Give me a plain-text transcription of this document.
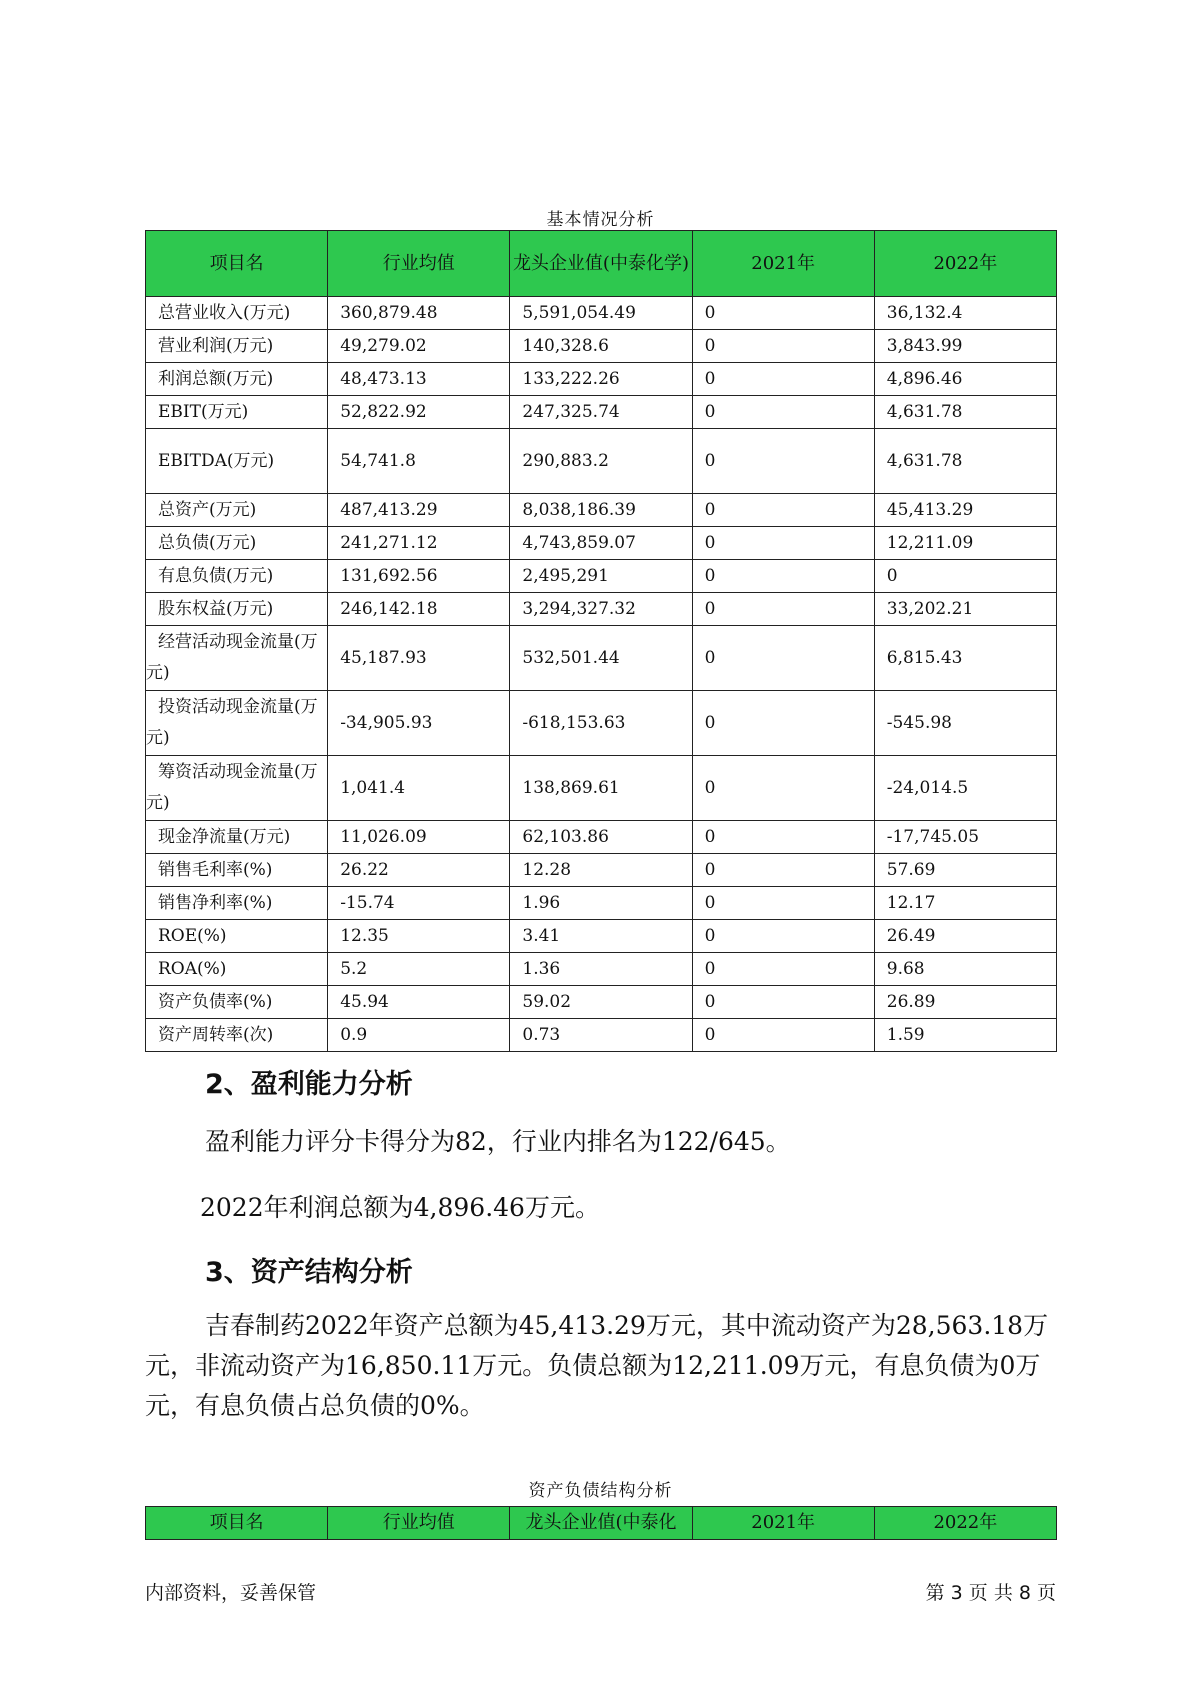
基本情况分析
项目名	行业均值	龙头企业值(中泰化学)	2021年	2022年
总营业收入(万元)	360,879.48	5,591,054.49	0	36,132.4
营业利润(万元)	49,279.02	140,328.6	0	3,843.99
利润总额(万元)	48,473.13	133,222.26	0	4,896.46
EBIT(万元)	52,822.92	247,325.74	0	4,631.78
EBITDA(万元)	54,741.8	290,883.2	0	4,631.78
总资产(万元)	487,413.29	8,038,186.39	0	45,413.29
总负债(万元)	241,271.12	4,743,859.07	0	12,211.09
有息负债(万元)	131,692.56	2,495,291	0	0
股东权益(万元)	246,142.18	3,294,327.32	0	33,202.21
经营活动现金流量(万元)	45,187.93	532,501.44	0	6,815.43
投资活动现金流量(万元)	-34,905.93	-618,153.63	0	-545.98
筹资活动现金流量(万元)	1,041.4	138,869.61	0	-24,014.5
现金净流量(万元)	11,026.09	62,103.86	0	-17,745.05
销售毛利率(%)	26.22	12.28	0	57.69
销售净利率(%)	-15.74	1.96	0	12.17
ROE(%)	12.35	3.41	0	26.49
ROA(%)	5.2	1.36	0	9.68
资产负债率(%)	45.94	59.02	0	26.89
资产周转率(次)	0.9	0.73	0	1.59
2、盈利能力分析

盈利能力评分卡得分为82，行业内排名为122/645。

2022年利润总额为4,896.46万元。

3、资产结构分析

吉春制药2022年资产总额为45,413.29万元，其中流动资产为28,563.18万元，非流动资产为16,850.11万元。负债总额为12,211.09万元，有息负债为0万元，有息负债占总负债的0%。

资产负债结构分析
项目名	行业均值	龙头企业值(中泰化	2021年	2022年
内部资料，妥善保管	第 3 页 共 8 页
